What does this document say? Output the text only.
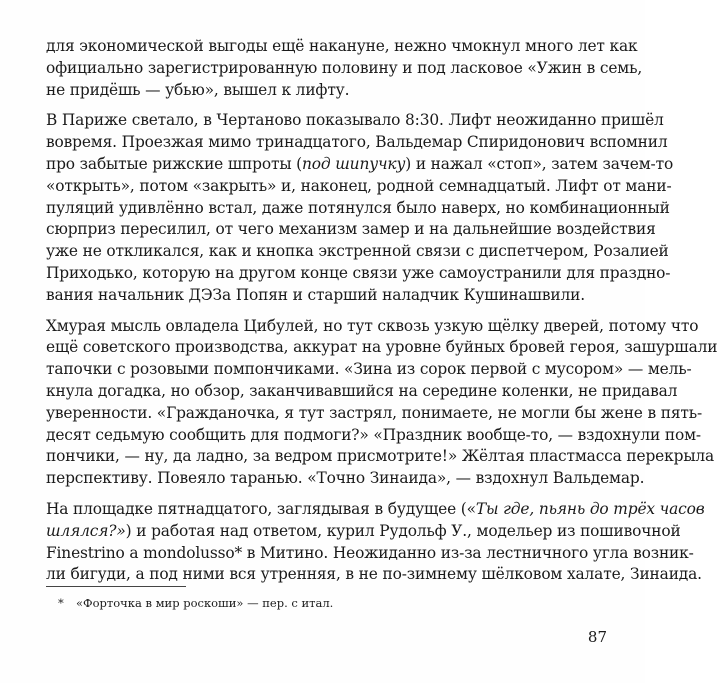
для экономической выгоды ещё накануне, нежно чмокнул много лет как
официально зарегистрированную половину и под ласковое «Ужин в семь,
не придёшь — убью», вышел к лифту.

В Париже светало, в Чертаново показывало 8:30. Лифт неожиданно пришёл
вовремя. Проезжая мимо тринадцатого, Вальдемар Спиридонович вспомнил
про забытые рижские шпроты (под шипучку) и нажал «стоп», затем зачем-то
«открыть», потом «закрыть» и, наконец, родной семнадцатый. Лифт от мани-
пуляций удивлённо встал, даже потянулся было наверх, но комбинационный
сюрприз пересилил, от чего механизм замер и на дальнейшие воздействия
уже не откликался, как и кнопка экстренной связи с диспетчером, Розалией
Приходько, которую на другом конце связи уже самоустранили для праздно-
вания начальник ДЭЗа Попян и старший наладчик Кушинашвили.

Хмурая мысль овладела Цибулей, но тут сквозь узкую щёлку дверей, потому что
ещё советского производства, аккурат на уровне буйных бровей героя, зашуршали
тапочки с розовыми помпончиками. «Зина из сорок первой с мусором» — мель-
кнула догадка, но обзор, заканчивавшийся на середине коленки, не придавал
уверенности. «Гражданочка, я тут застрял, понимаете, не могли бы жене в пять-
десят седьмую сообщить для подмоги?» «Праздник вообще-то, — вздохнули пом-
пончики, — ну, да ладно, за ведром присмотрите!» Жёлтая пластмасса перекрыла
перспективу. Повеяло таранью. «Точно Зинаида», — вздохнул Вальдемар.

На площадке пятнадцатого, заглядывая в будущее («Ты где, пьянь до трёх часов
шлялся?») и работая над ответом, курил Рудольф У., модельер из пошивочной
Finestrino a mondolusso* в Митино. Неожиданно из-за лестничного угла возник-
ли бигуди, а под ними вся утренняя, в не по-зимнему шёлковом халате, Зинаида.

* «Форточка в мир роскоши» — пер. с итал.
87
